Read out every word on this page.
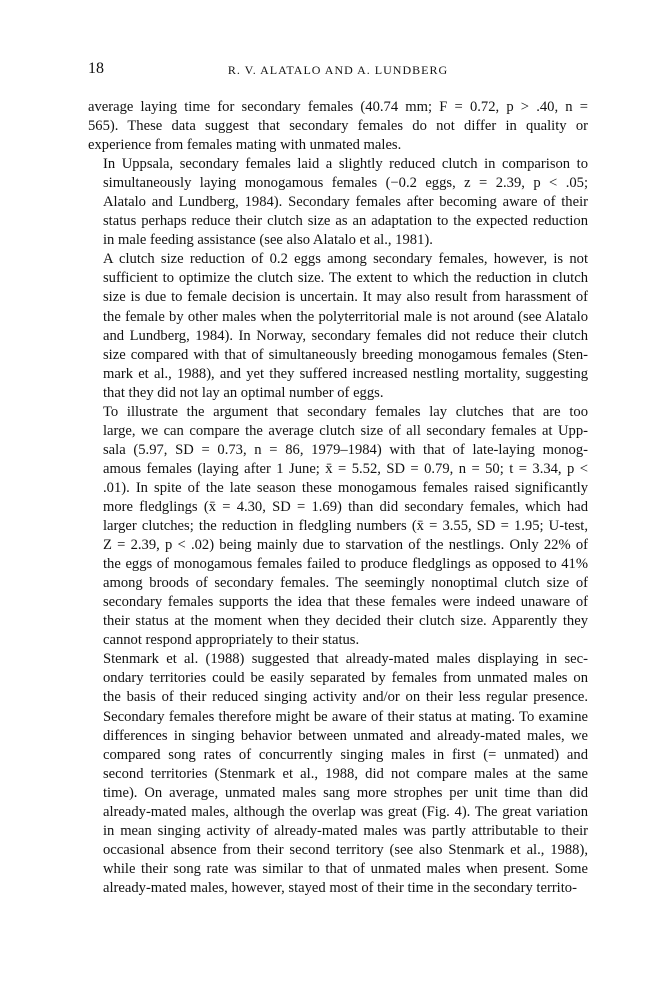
18	R. V. ALATALO AND A. LUNDBERG

average laying time for secondary females (40.74 mm; F = 0.72, p > .40, n =
565). These data suggest that secondary females do not differ in quality or
experience from females mating with unmated males.

In Uppsala, secondary females laid a slightly reduced clutch in comparison to
simultaneously laying monogamous females (−0.2 eggs, z = 2.39, p < .05;
Alatalo and Lundberg, 1984). Secondary females after becoming aware of their
status perhaps reduce their clutch size as an adaptation to the expected reduction
in male feeding assistance (see also Alatalo et al., 1981).

A clutch size reduction of 0.2 eggs among secondary females, however, is not
sufficient to optimize the clutch size. The extent to which the reduction in clutch
size is due to female decision is uncertain. It may also result from harassment of
the female by other males when the polyterritorial male is not around (see Alatalo
and Lundberg, 1984). In Norway, secondary females did not reduce their clutch
size compared with that of simultaneously breeding monogamous females (Sten-
mark et al., 1988), and yet they suffered increased nestling mortality, suggesting
that they did not lay an optimal number of eggs.

To illustrate the argument that secondary females lay clutches that are too
large, we can compare the average clutch size of all secondary females at Upp-
sala (5.97, SD = 0.73, n = 86, 1979–1984) with that of late-laying monog-
amous females (laying after 1 June; x̄ = 5.52, SD = 0.79, n = 50; t = 3.34, p <
.01). In spite of the late season these monogamous females raised significantly
more fledglings (x̄ = 4.30, SD = 1.69) than did secondary females, which had
larger clutches; the reduction in fledgling numbers (x̄ = 3.55, SD = 1.95; U-test,
Z = 2.39, p < .02) being mainly due to starvation of the nestlings. Only 22% of
the eggs of monogamous females failed to produce fledglings as opposed to 41%
among broods of secondary females. The seemingly nonoptimal clutch size of
secondary females supports the idea that these females were indeed unaware of
their status at the moment when they decided their clutch size. Apparently they
cannot respond appropriately to their status.

Stenmark et al. (1988) suggested that already-mated males displaying in sec-
ondary territories could be easily separated by females from unmated males on
the basis of their reduced singing activity and/or on their less regular presence.
Secondary females therefore might be aware of their status at mating. To examine
differences in singing behavior between unmated and already-mated males, we
compared song rates of concurrently singing males in first (= unmated) and
second territories (Stenmark et al., 1988, did not compare males at the same
time). On average, unmated males sang more strophes per unit time than did
already-mated males, although the overlap was great (Fig. 4). The great variation
in mean singing activity of already-mated males was partly attributable to their
occasional absence from their second territory (see also Stenmark et al., 1988),
while their song rate was similar to that of unmated males when present. Some
already-mated males, however, stayed most of their time in the secondary territo-
